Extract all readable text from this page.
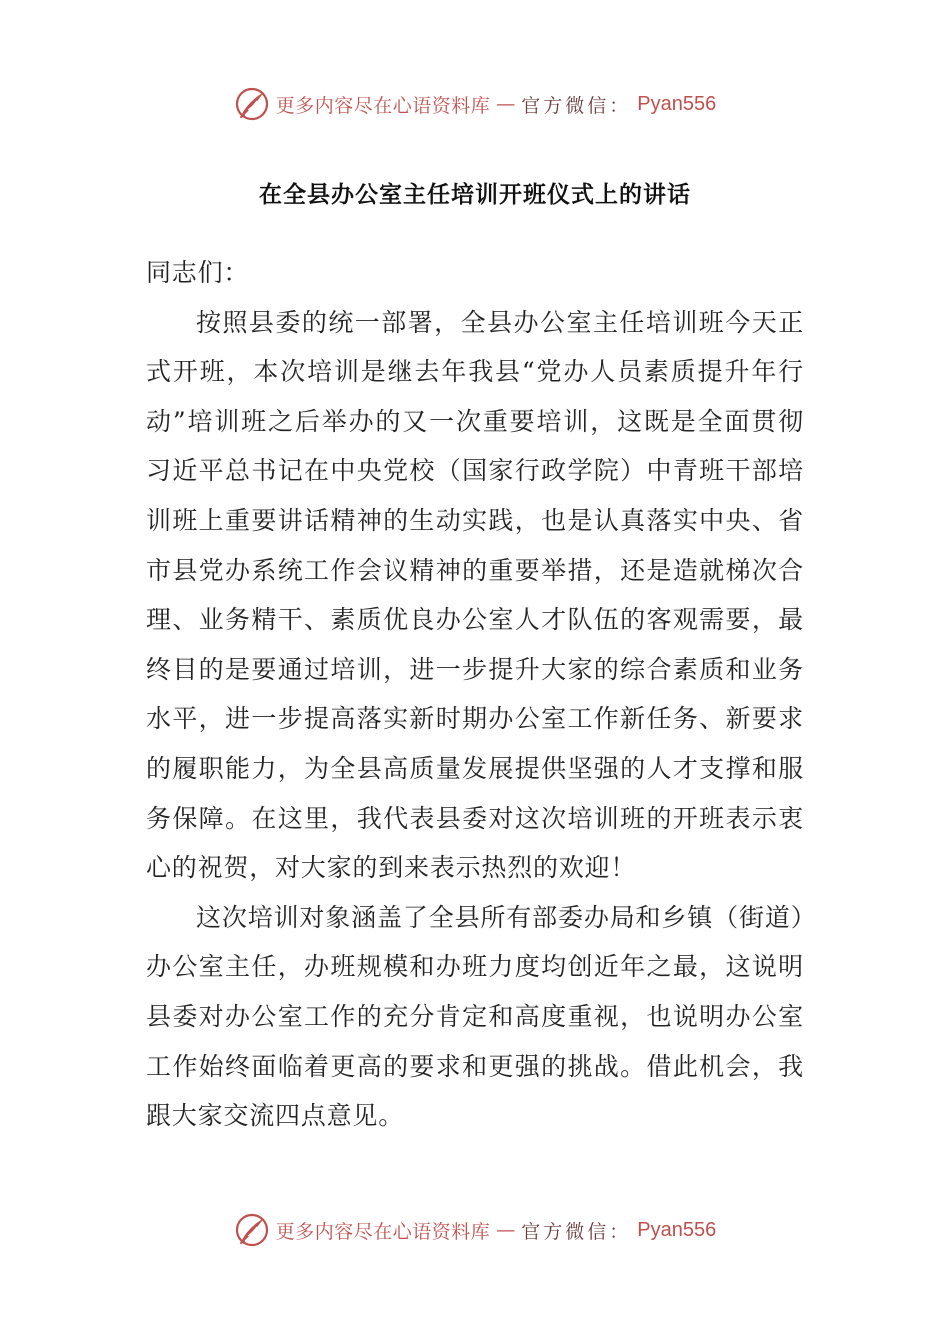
更多内容尽在心语资料库 — 官方微信： Pyan556
在全县办公室主任培训开班仪式上的讲话

同志们：

按照县委的统一部署，全县办公室主任培训班今天正式开班，本次培训是继去年我县“党办人员素质提升年行动”培训班之后举办的又一次重要培训，这既是全面贯彻习近平总书记在中央党校（国家行政学院）中青班干部培训班上重要讲话精神的生动实践，也是认真落实中央、省市县党办系统工作会议精神的重要举措，还是造就梯次合理、业务精干、素质优良办公室人才队伍的客观需要，最终目的是要通过培训，进一步提升大家的综合素质和业务水平，进一步提高落实新时期办公室工作新任务、新要求的履职能力，为全县高质量发展提供坚强的人才支撑和服务保障。在这里，我代表县委对这次培训班的开班表示衷心的祝贺，对大家的到来表示热烈的欢迎！

这次培训对象涵盖了全县所有部委办局和乡镇（街道）办公室主任，办班规模和办班力度均创近年之最，这说明县委对办公室工作的充分肯定和高度重视，也说明办公室工作始终面临着更高的要求和更强的挑战。借此机会，我跟大家交流四点意见。

更多内容尽在心语资料库 — 官方微信： Pyan556
